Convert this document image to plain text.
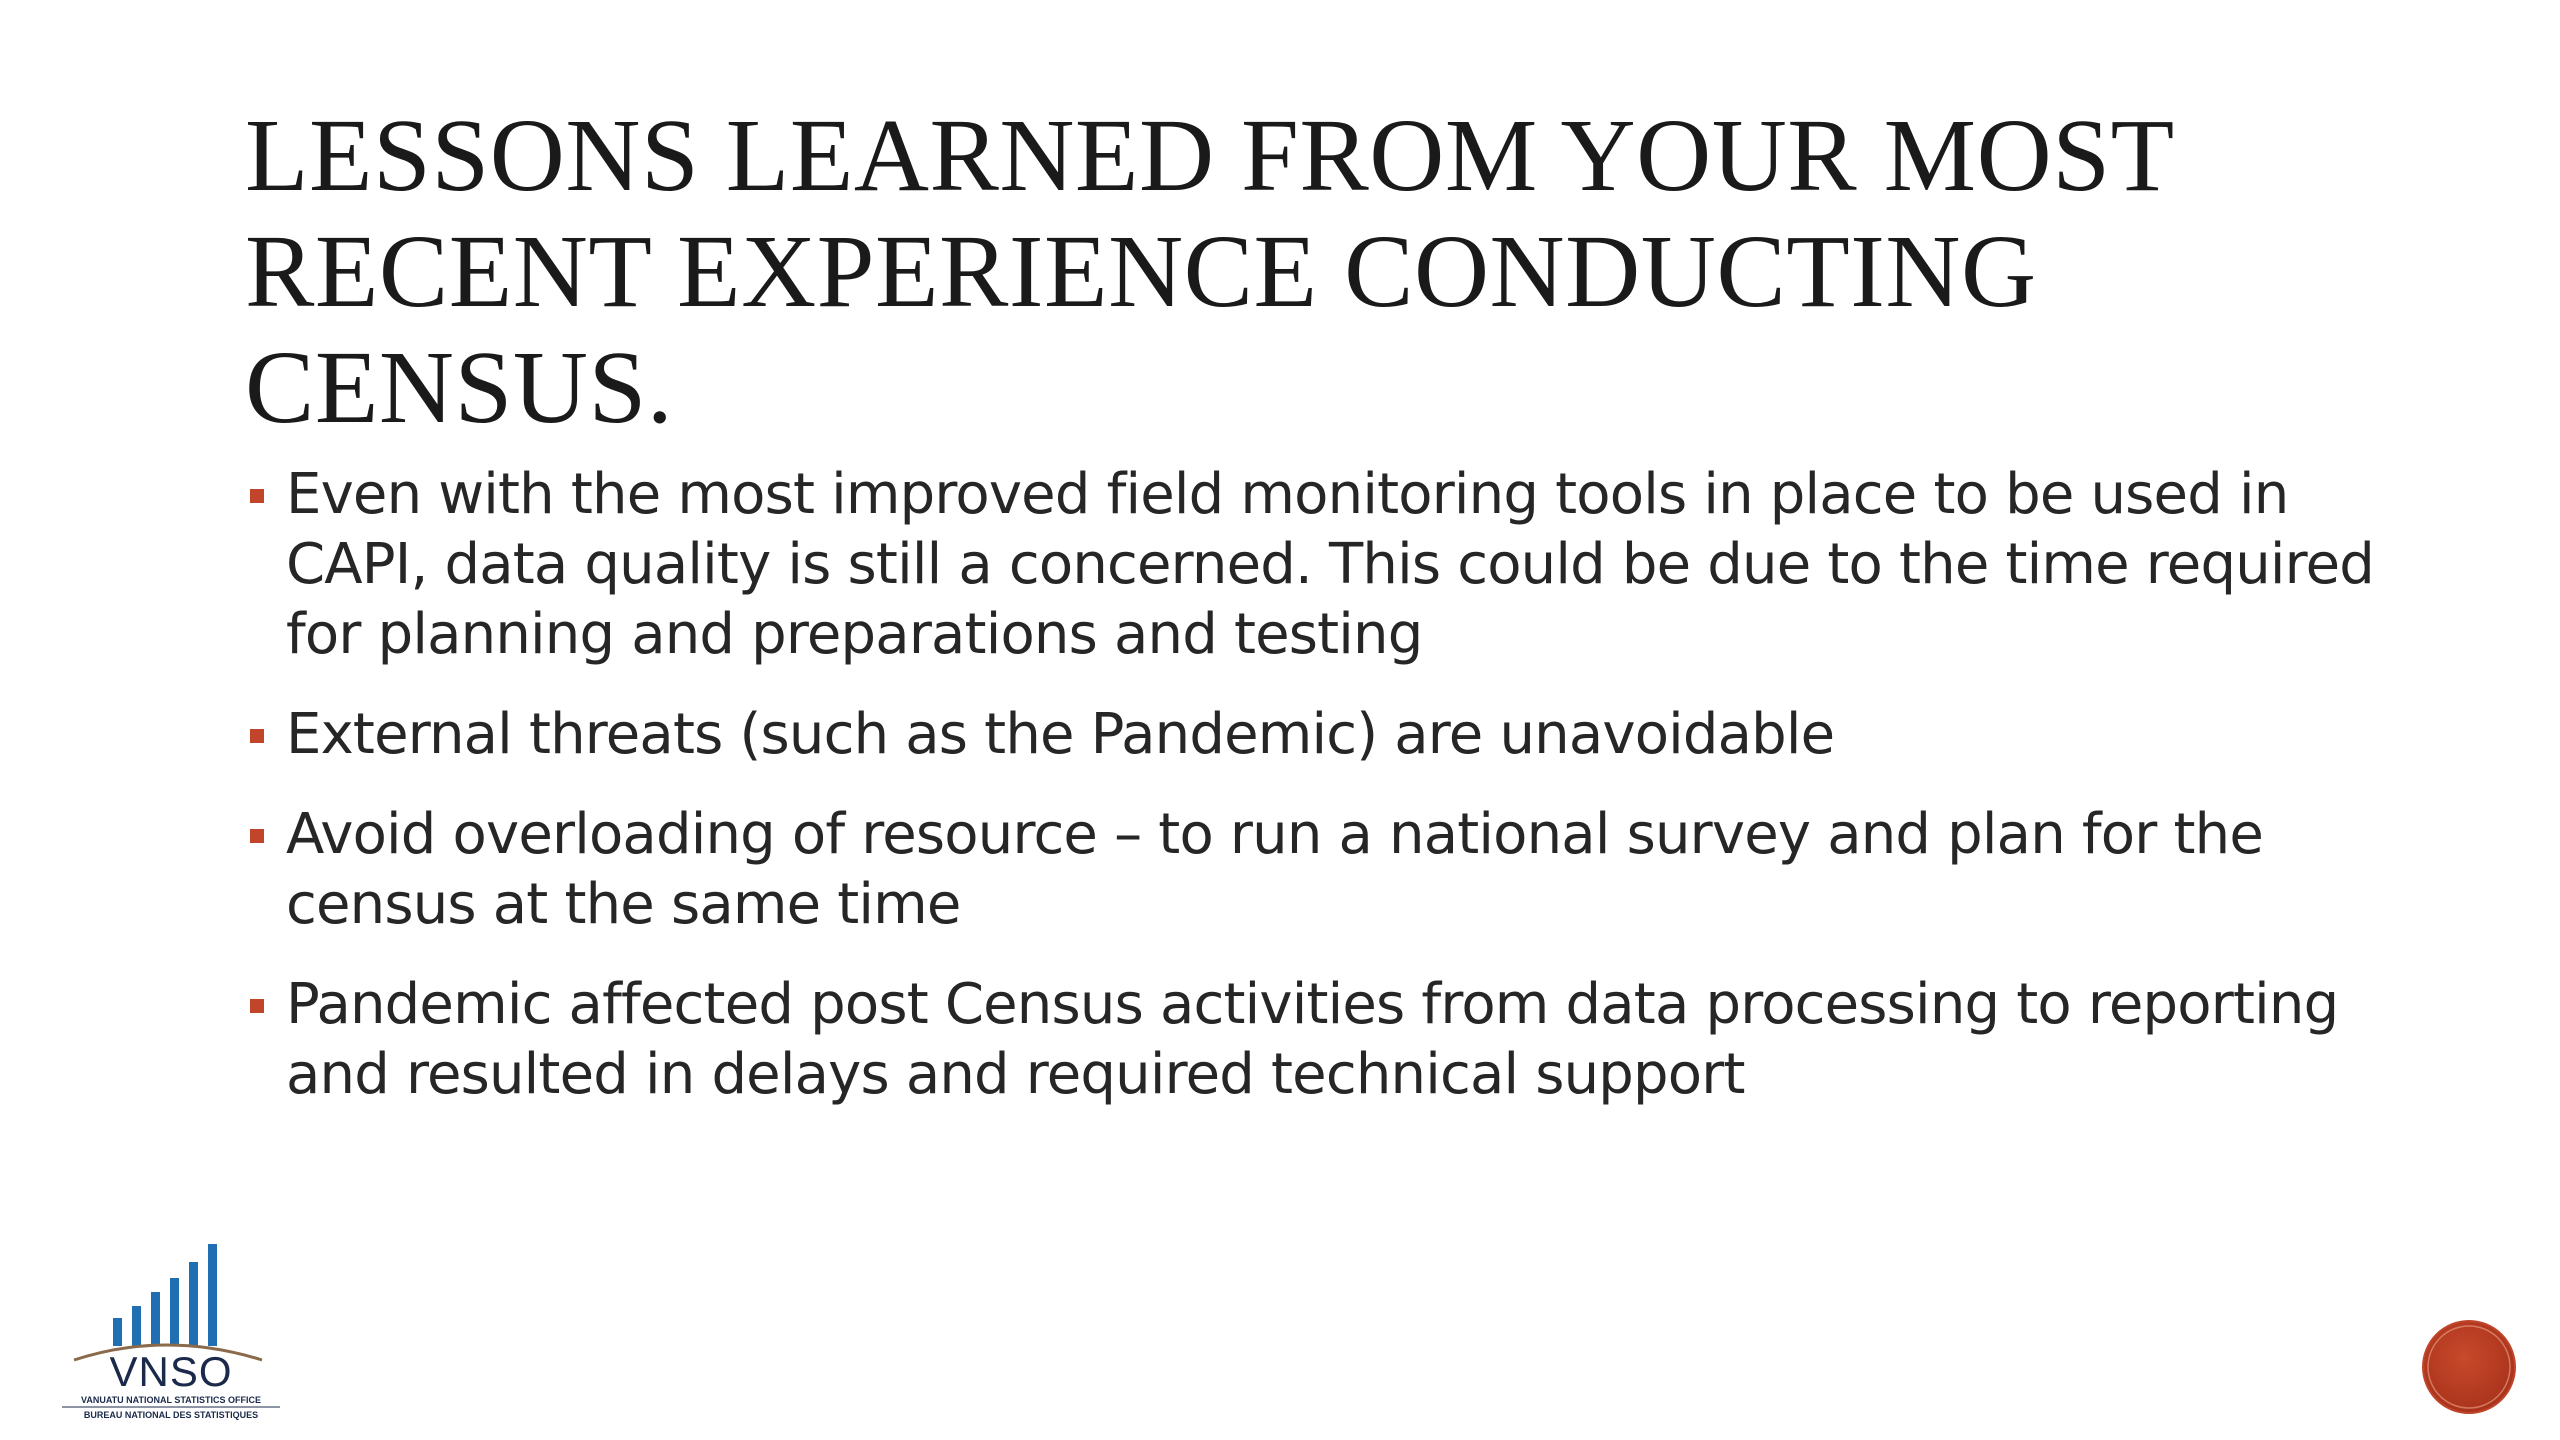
LESSONS LEARNED FROM YOUR MOST RECENT EXPERIENCE CONDUCTING CENSUS.
Even with the most improved field monitoring tools in place to be used in CAPI, data quality is still a concerned. This could be due to the time required for planning and preparations and testing
External threats (such as the Pandemic) are unavoidable
Avoid overloading of resource – to run a national survey and plan for the census at the same time
Pandemic affected post Census activities from data processing to reporting and resulted in delays and required technical support
VNSO
VANUATU NATIONAL STATISTICS OFFICE
BUREAU NATIONAL DES STATISTIQUES
